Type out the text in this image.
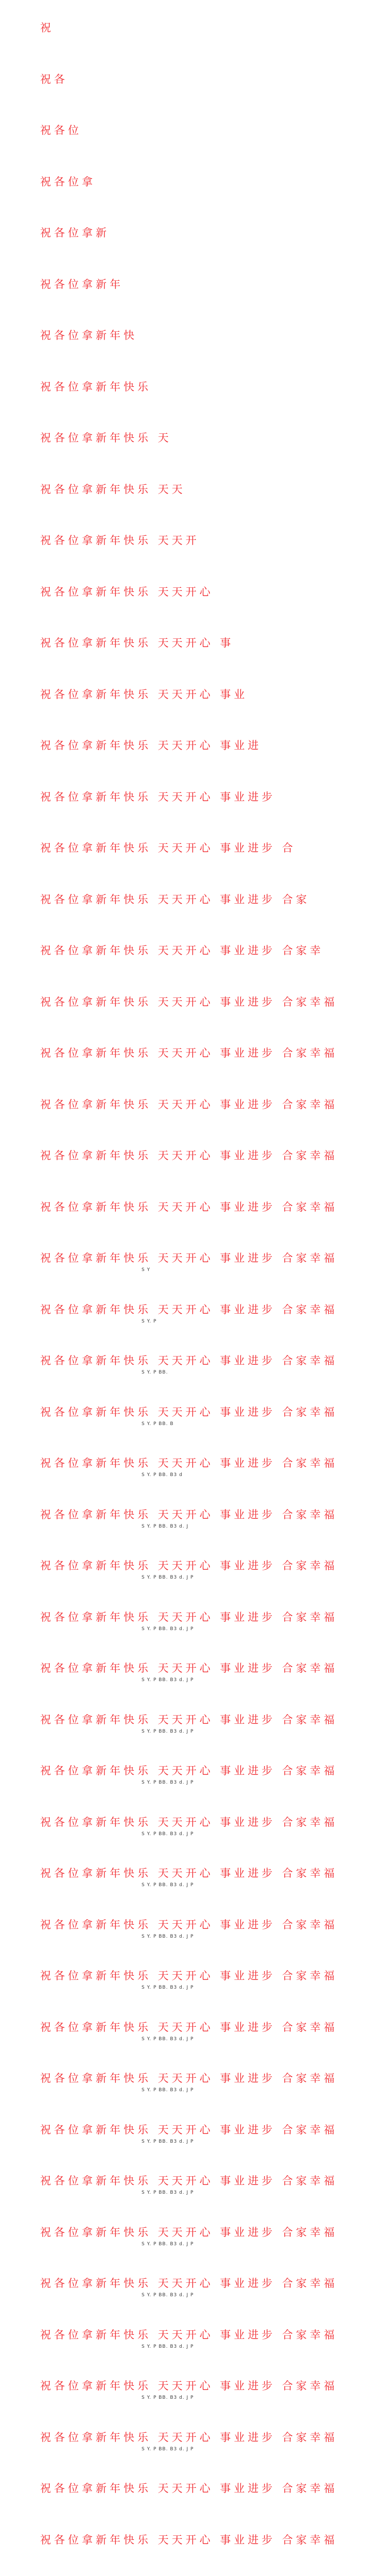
祝
祝各
祝各位
祝各位拿
祝各位拿新
祝各位拿新年
祝各位拿新年快
祝各位拿新年快乐
祝各位拿新年快乐 天
祝各位拿新年快乐 天天
祝各位拿新年快乐 天天开
祝各位拿新年快乐 天天开心
祝各位拿新年快乐 天天开心 事
祝各位拿新年快乐 天天开心 事业
祝各位拿新年快乐 天天开心 事业进
祝各位拿新年快乐 天天开心 事业进步
祝各位拿新年快乐 天天开心 事业进步 合
祝各位拿新年快乐 天天开心 事业进步 合家
祝各位拿新年快乐 天天开心 事业进步 合家幸
祝各位拿新年快乐 天天开心 事业进步 合家幸福
祝各位拿新年快乐 天天开心 事业进步 合家幸福
祝各位拿新年快乐 天天开心 事业进步 合家幸福
祝各位拿新年快乐 天天开心 事业进步 合家幸福
祝各位拿新年快乐 天天开心 事业进步 合家幸福
祝各位拿新年快乐 天天开心 事业进步 合家幸福
S Y
祝各位拿新年快乐 天天开心 事业进步 合家幸福
S Y. P
祝各位拿新年快乐 天天开心 事业进步 合家幸福
S Y. P BB.
祝各位拿新年快乐 天天开心 事业进步 合家幸福
S Y. P BB. B
祝各位拿新年快乐 天天开心 事业进步 合家幸福
S Y. P BB. B3 d
祝各位拿新年快乐 天天开心 事业进步 合家幸福
S Y. P BB. B3 d. J
祝各位拿新年快乐 天天开心 事业进步 合家幸福
S Y. P BB. B3 d. J P
祝各位拿新年快乐 天天开心 事业进步 合家幸福
S Y. P BB. B3 d. J P
祝各位拿新年快乐 天天开心 事业进步 合家幸福
S Y. P BB. B3 d. J P
祝各位拿新年快乐 天天开心 事业进步 合家幸福
S Y. P BB. B3 d. J P
祝各位拿新年快乐 天天开心 事业进步 合家幸福
S Y. P BB. B3 d. J P
祝各位拿新年快乐 天天开心 事业进步 合家幸福
S Y. P BB. B3 d. J P
祝各位拿新年快乐 天天开心 事业进步 合家幸福
S Y. P BB. B3 d. J P
祝各位拿新年快乐 天天开心 事业进步 合家幸福
S Y. P BB. B3 d. J P
祝各位拿新年快乐 天天开心 事业进步 合家幸福
S Y. P BB. B3 d. J P
祝各位拿新年快乐 天天开心 事业进步 合家幸福
S Y. P BB. B3 d. J P
祝各位拿新年快乐 天天开心 事业进步 合家幸福
S Y. P BB. B3 d. J P
祝各位拿新年快乐 天天开心 事业进步 合家幸福
S Y. P BB. B3 d. J P
祝各位拿新年快乐 天天开心 事业进步 合家幸福
S Y. P BB. B3 d. J P
祝各位拿新年快乐 天天开心 事业进步 合家幸福
S Y. P BB. B3 d. J P
祝各位拿新年快乐 天天开心 事业进步 合家幸福
S Y. P BB. B3 d. J P
祝各位拿新年快乐 天天开心 事业进步 合家幸福
S Y. P BB. B3 d. J P
祝各位拿新年快乐 天天开心 事业进步 合家幸福
S Y. P BB. B3 d. J P
祝各位拿新年快乐 天天开心 事业进步 合家幸福
S Y. P BB. B3 d. J P
祝各位拿新年快乐 天天开心 事业进步 合家幸福
祝各位拿新年快乐 天天开心 事业进步 合家幸福
